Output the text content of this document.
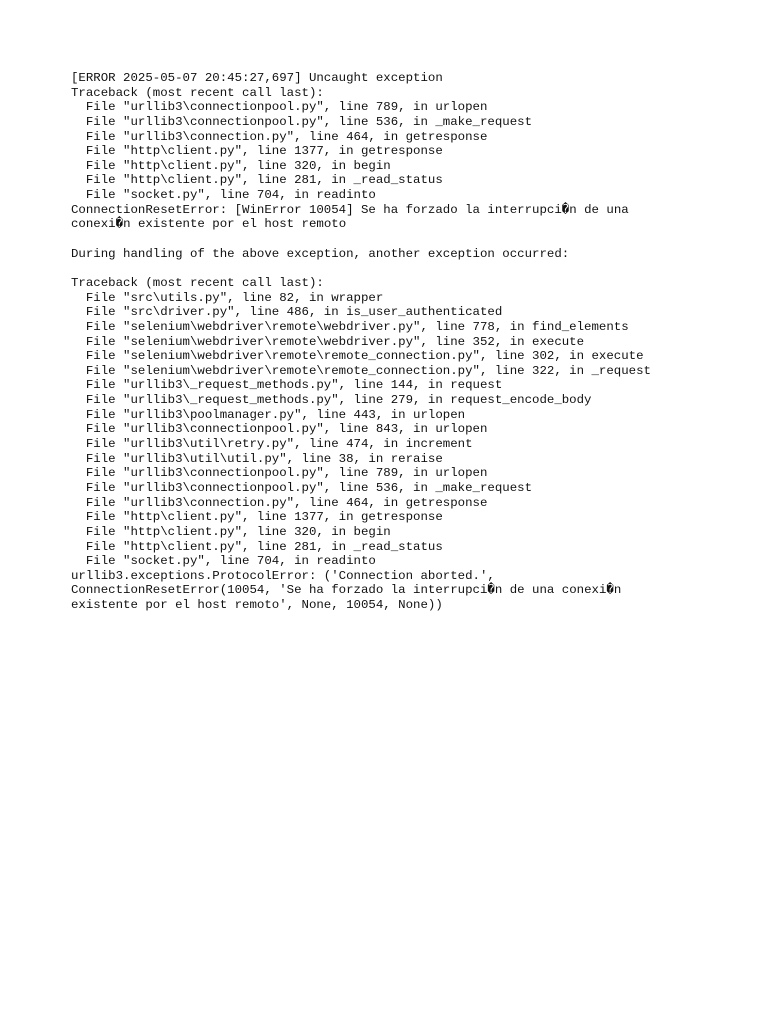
[ERROR 2025-05-07 20:45:27,697] Uncaught exception
Traceback (most recent call last):
File "urllib3\connectionpool.py", line 789, in urlopen
File "urllib3\connectionpool.py", line 536, in _make_request
File "urllib3\connection.py", line 464, in getresponse
File "http\client.py", line 1377, in getresponse
File "http\client.py", line 320, in begin
File "http\client.py", line 281, in _read_status
File "socket.py", line 704, in readinto
ConnectionResetError: [WinError 10054] Se ha forzado la interrupci�n de una
conexi�n existente por el host remoto
During handling of the above exception, another exception occurred:
Traceback (most recent call last):
File "src\utils.py", line 82, in wrapper
File "src\driver.py", line 486, in is_user_authenticated
File "selenium\webdriver\remote\webdriver.py", line 778, in find_elements
File "selenium\webdriver\remote\webdriver.py", line 352, in execute
File "selenium\webdriver\remote\remote_connection.py", line 302, in execute
File "selenium\webdriver\remote\remote_connection.py", line 322, in _request
File "urllib3\_request_methods.py", line 144, in request
File "urllib3\_request_methods.py", line 279, in request_encode_body
File "urllib3\poolmanager.py", line 443, in urlopen
File "urllib3\connectionpool.py", line 843, in urlopen
File "urllib3\util\retry.py", line 474, in increment
File "urllib3\util\util.py", line 38, in reraise
File "urllib3\connectionpool.py", line 789, in urlopen
File "urllib3\connectionpool.py", line 536, in _make_request
File "urllib3\connection.py", line 464, in getresponse
File "http\client.py", line 1377, in getresponse
File "http\client.py", line 320, in begin
File "http\client.py", line 281, in _read_status
File "socket.py", line 704, in readinto
urllib3.exceptions.ProtocolError: ('Connection aborted.',
ConnectionResetError(10054, 'Se ha forzado la interrupci�n de una conexi�n
existente por el host remoto', None, 10054, None))
